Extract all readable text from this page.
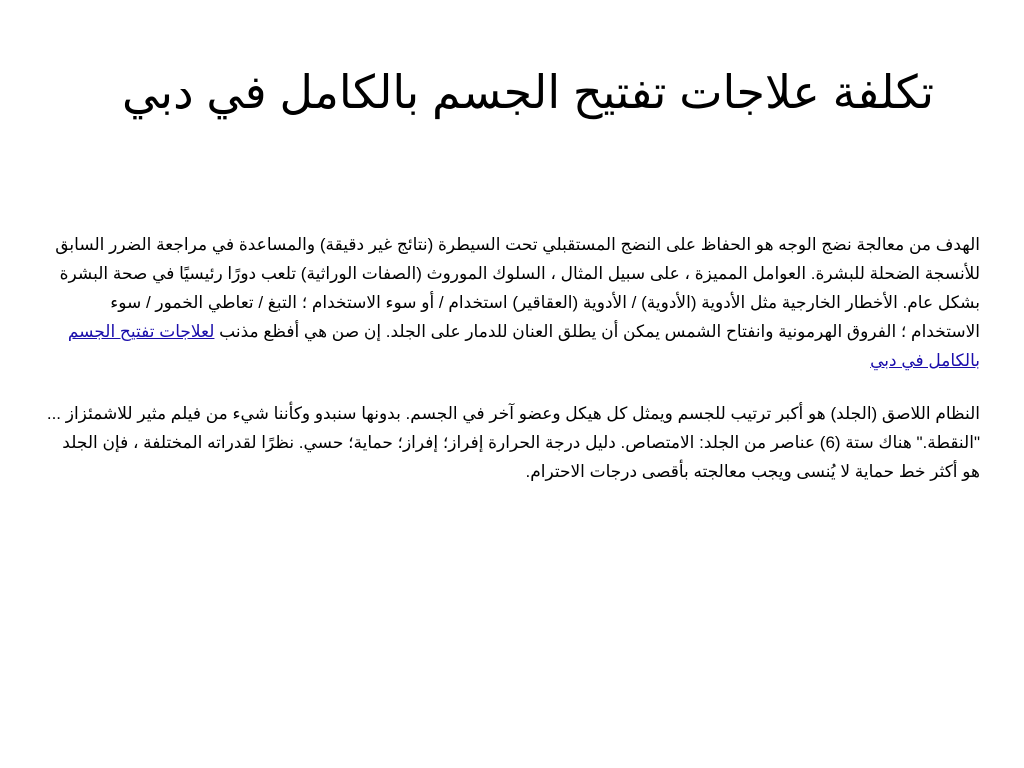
تكلفة علاجات تفتيح الجسم بالكامل في دبي

الهدف من معالجة نضج الوجه هو الحفاظ على النضج المستقبلي تحت السيطرة (نتائج غير دقيقة) والمساعدة في مراجعة الضرر السابق للأنسجة الضحلة للبشرة. العوامل المميزة ، على سبيل المثال ، السلوك الموروث (الصفات الوراثية) تلعب دورًا رئيسيًا في صحة البشرة بشكل عام. الأخطار الخارجية مثل الأدوية (الأدوية) / الأدوية (العقاقير) استخدام / أو سوء الاستخدام ؛ التبغ / تعاطي الخمور / سوء الاستخدام ؛ الفروق الهرمونية وانفتاح الشمس يمكن أن يطلق العنان للدمار على الجلد. إن صن هي أفظع مذنب لعلاجات تفتيح الجسم بالكامل في دبي

النظام اللاصق (الجلد) هو أكبر ترتيب للجسم ويمثل كل هيكل وعضو آخر في الجسم. بدونها سنبدو وكأننا شيء من فيلم مثير للاشمئزاز ... "النقطة." هناك ستة (6) عناصر من الجلد: الامتصاص. دليل درجة الحرارة إفراز؛ إفراز؛ حماية؛ حسي. نظرًا لقدراته المختلفة ، فإن الجلد هو أكثر خط حماية لا يُنسى ويجب معالجته بأقصى درجات الاحترام.
